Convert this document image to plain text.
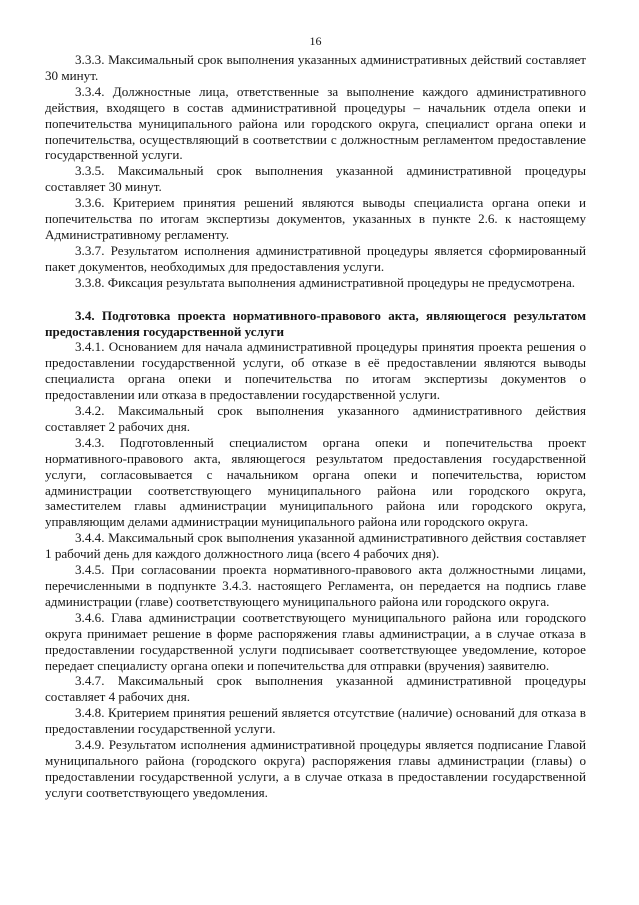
16

3.3.3. Максимальный срок выполнения указанных административных действий составляет 30 минут.

3.3.4. Должностные лица, ответственные за выполнение каждого административного действия, входящего в состав административной процедуры – начальник отдела опеки и попечительства муниципального района или городского округа, специалист органа опеки и попечительства, осуществляющий в соответствии с должностным регламентом предоставление государственной услуги.

3.3.5. Максимальный срок выполнения указанной административной процедуры составляет 30 минут.

3.3.6. Критерием принятия решений являются выводы специалиста органа опеки и попечительства по итогам экспертизы документов, указанных в пункте 2.6. к настоящему Административному регламенту.

3.3.7. Результатом исполнения административной процедуры является сформированный пакет документов, необходимых для предоставления услуги.

3.3.8. Фиксация результата выполнения административной процедуры не предусмотрена.

3.4. Подготовка проекта нормативного-правового акта, являющегося результатом предоставления государственной услуги

3.4.1. Основанием для начала административной процедуры принятия проекта решения о предоставлении государственной услуги, об отказе в её предоставлении являются выводы специалиста органа опеки и попечительства по итогам экспертизы документов о предоставлении или отказа в предоставлении государственной услуги.

3.4.2. Максимальный срок выполнения указанного административного действия составляет 2 рабочих дня.

3.4.3. Подготовленный специалистом органа опеки и попечительства проект нормативного-правового акта, являющегося результатом предоставления государственной услуги, согласовывается с начальником органа опеки и попечительства, юристом администрации соответствующего муниципального района или городского округа, заместителем главы администрации муниципального района или городского округа, управляющим делами администрации муниципального района или городского округа.

3.4.4. Максимальный срок выполнения указанной административного действия составляет 1 рабочий день для каждого должностного лица (всего 4 рабочих дня).

3.4.5. При согласовании проекта нормативного-правового акта должностными лицами, перечисленными в подпункте 3.4.3. настоящего Регламента, он передается на подпись главе администрации (главе) соответствующего муниципального района или городского округа.

3.4.6. Глава администрации соответствующего муниципального района или городского округа принимает решение в форме распоряжения главы администрации, а в случае отказа в предоставлении государственной услуги подписывает соответствующее уведомление, которое передает специалисту органа опеки и попечительства для отправки (вручения) заявителю.

3.4.7. Максимальный срок выполнения указанной административной процедуры составляет 4 рабочих дня.

3.4.8. Критерием принятия решений является отсутствие (наличие) оснований для отказа в предоставлении государственной услуги.

3.4.9. Результатом исполнения административной процедуры является подписание Главой муниципального района (городского округа) распоряжения главы администрации (главы) о предоставлении государственной услуги, а в случае отказа в предоставлении государственной услуги соответствующего уведомления.
